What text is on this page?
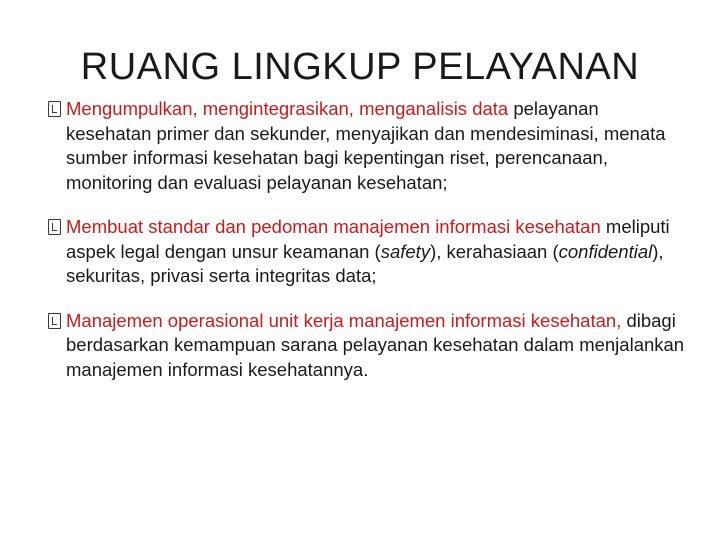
RUANG LINGKUP PELAYANAN
Mengumpulkan, mengintegrasikan, menganalisis data pelayanan kesehatan primer dan sekunder, menyajikan dan mendesiminasi, menata sumber informasi kesehatan bagi kepentingan riset, perencanaan, monitoring dan evaluasi pelayanan kesehatan;
Membuat standar dan pedoman manajemen informasi kesehatan meliputi aspek legal dengan unsur keamanan (safety), kerahasiaan (confidential), sekuritas, privasi serta integritas data;
Manajemen operasional unit kerja manajemen informasi kesehatan, dibagi berdasarkan kemampuan sarana pelayanan kesehatan dalam menjalankan manajemen informasi kesehatannya.
